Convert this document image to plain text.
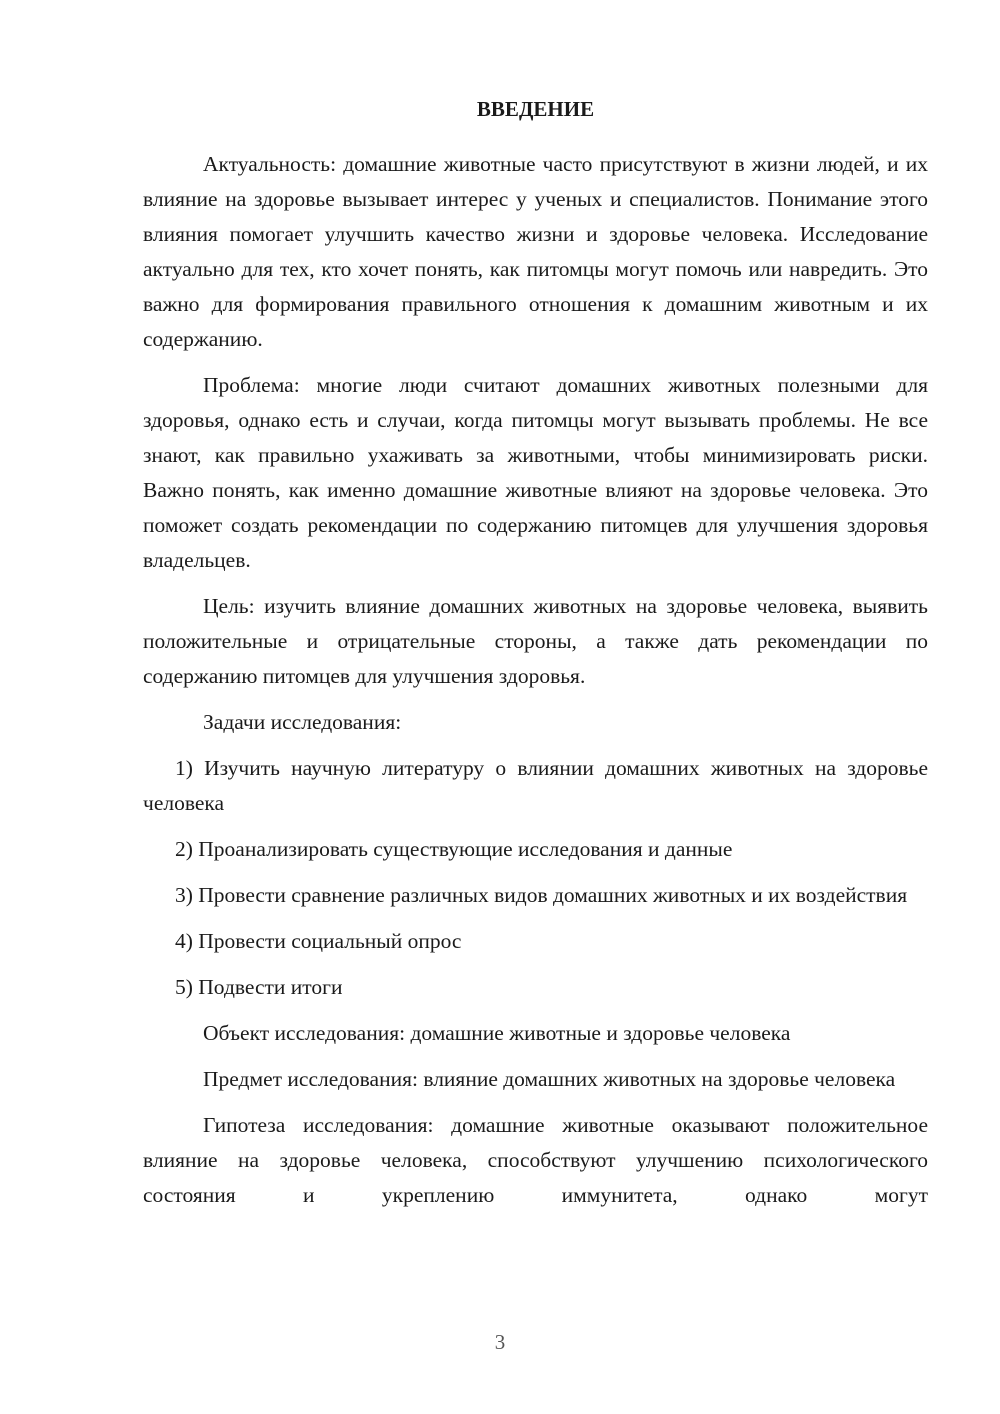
ВВЕДЕНИЕ

Актуальность: домашние животные часто присутствуют в жизни людей, и их влияние на здоровье вызывает интерес у ученых и специалистов. Понимание этого влияния помогает улучшить качество жизни и здоровье человека. Исследование актуально для тех, кто хочет понять, как питомцы могут помочь или навредить. Это важно для формирования правильного отношения к домашним животным и их содержанию.

Проблема: многие люди считают домашних животных полезными для здоровья, однако есть и случаи, когда питомцы могут вызывать проблемы. Не все знают, как правильно ухаживать за животными, чтобы минимизировать риски. Важно понять, как именно домашние животные влияют на здоровье человека. Это поможет создать рекомендации по содержанию питомцев для улучшения здоровья владельцев.

Цель: изучить влияние домашних животных на здоровье человека, выявить положительные и отрицательные стороны, а также дать рекомендации по содержанию питомцев для улучшения здоровья.

Задачи исследования:

1) Изучить научную литературу о влиянии домашних животных на здоровье человека

2) Проанализировать существующие исследования и данные

3) Провести сравнение различных видов домашних животных и их воздействия

4) Провести социальный опрос

5) Подвести итоги

Объект исследования: домашние животные и здоровье человека

Предмет исследования: влияние домашних животных на здоровье человека

Гипотеза исследования: домашние животные оказывают положительное влияние на здоровье человека, способствуют улучшению психологического состояния и укреплению иммунитета, однако могут

3
